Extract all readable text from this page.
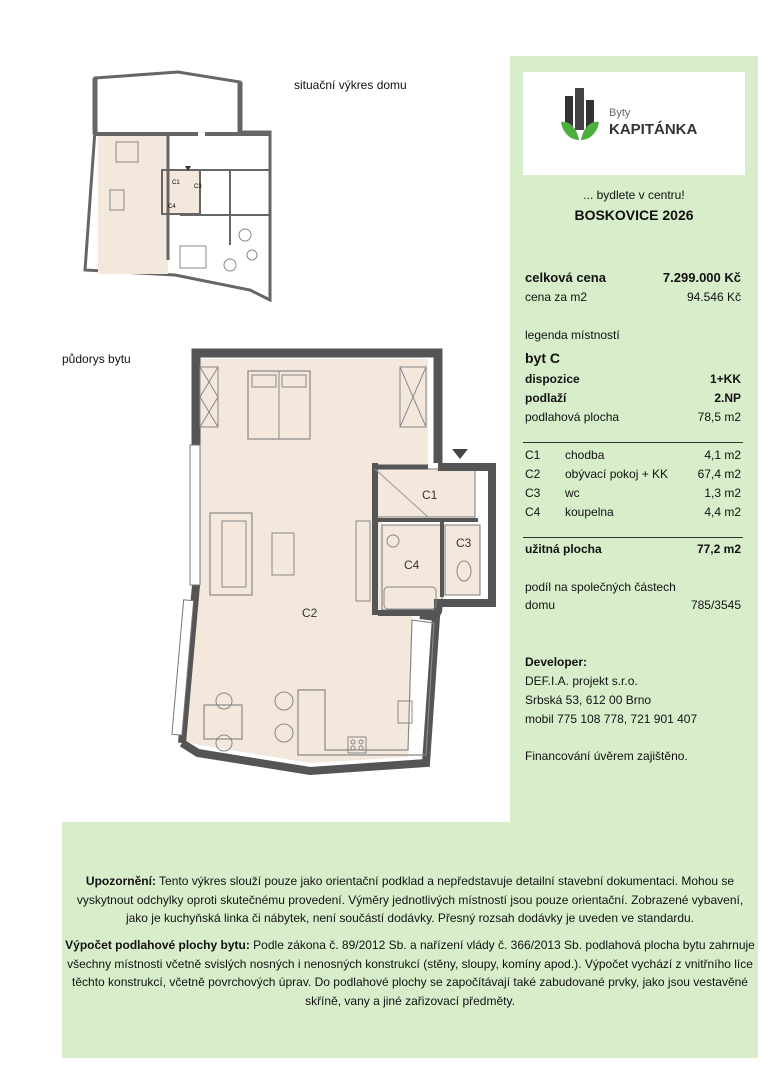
situační výkres domu
půdorys bytu
C1
C4
C3
C1
C2
C3
C4
Byty
KAPITÁNKA
... bydlete v centru!
BOSKOVICE 2026
celková cena	7.299.000 Kč
cena za m2	94.546 Kč
legenda místností
byt C
dispozice	1+KK
podlaží	2.NP
podlahová plocha	78,5 m2
C1 chodba	4,1 m2
C2 obývací pokoj + KK	67,4 m2
C3 wc	1,3 m2
C4 koupelna	4,4 m2
užitná plocha	77,2 m2
podíl na společných částech
domu	785/3545
Developer:
DEF.I.A. projekt s.r.o.
Srbská 53, 612 00 Brno
mobil 775 108 778, 721 901 407
Financování úvěrem zajištěno.
Upozornění: Tento výkres slouží pouze jako orientační podklad a nepředstavuje detailní stavební dokumentaci. Mohou se vyskytnout odchylky oproti skutečnému provedení. Výměry jednotlivých místností jsou pouze orientační. Zobrazené vybavení, jako je kuchyňská linka či nábytek, není součástí dodávky. Přesný rozsah dodávky je uveden ve standardu.
Výpočet podlahové plochy bytu: Podle zákona č. 89/2012 Sb. a nařízení vlády č. 366/2013 Sb. podlahová plocha bytu zahrnuje všechny místnosti včetně svislých nosných i nenosných konstrukcí (stěny, sloupy, komíny apod.). Výpočet vychází z vnitřního líce těchto konstrukcí, včetně povrchových úprav. Do podlahové plochy se započítávají také zabudované prvky, jako jsou vestavěné skříně, vany a jiné zařizovací předměty.
